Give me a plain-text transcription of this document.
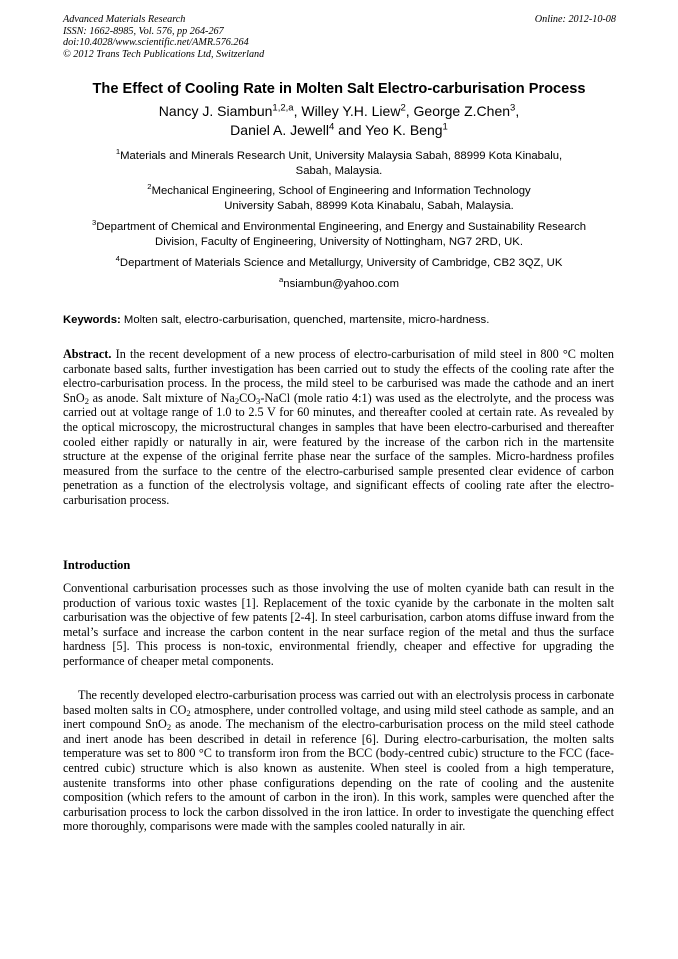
Advanced Materials Research
ISSN: 1662-8985, Vol. 576, pp 264-267
doi:10.4028/www.scientific.net/AMR.576.264
© 2012 Trans Tech Publications Ltd, Switzerland
Online: 2012-10-08
The Effect of Cooling Rate in Molten Salt Electro-carburisation Process
Nancy J. Siambun$^{1,2,a}$, Willey Y.H. Liew$^2$, George Z.Chen$^3$,
Daniel A. Jewell$^4$ and Yeo K. Beng$^1$
$^1$Materials and Minerals Research Unit, University Malaysia Sabah, 88999 Kota Kinabalu,
Sabah, Malaysia.
$^2$Mechanical Engineering, School of Engineering and Information Technology
University Sabah, 88999 Kota Kinabalu, Sabah, Malaysia.
$^3$Department of Chemical and Environmental Engineering, and Energy and Sustainability Research
Division, Faculty of Engineering, University of Nottingham, NG7 2RD, UK.
$^4$Department of Materials Science and Metallurgy, University of Cambridge, CB2 3QZ, UK
$^a$nsiambun@yahoo.com
Keywords: Molten salt, electro-carburisation, quenched, martensite, micro-hardness.
Abstract. In the recent development of a new process of electro-carburisation of mild steel in 800 °C molten carbonate based salts, further investigation has been carried out to study the effects of the cooling rate after the electro-carburisation process. In the process, the mild steel to be carburised was made the cathode and an inert SnO$_2$ as anode. Salt mixture of $Na_2CO_3$-NaCl (mole ratio 4:1) was used as the electrolyte, and the process was carried out at voltage range of 1.0 to 2.5 V for 60 minutes, and thereafter cooled at certain rate. As revealed by the optical microscopy, the microstructural changes in samples that have been electro-carburised and thereafter cooled either rapidly or naturally in air, were featured by the increase of the carbon rich in the martensite structure at the expense of the original ferrite phase near the surface of the samples. Micro-hardness profiles measured from the surface to the centre of the electro-carburised sample presented clear evidence of carbon penetration as a function of the electrolysis voltage, and significant effects of cooling rate after the electro-carburisation process.
Introduction
Conventional carburisation processes such as those involving the use of molten cyanide bath can result in the production of various toxic wastes [1]. Replacement of the toxic cyanide by the carbonate in the molten salt carburisation was the objective of few patents [2-4]. In steel carburisation, carbon atoms diffuse inward from the metal’s surface and increase the carbon content in the near surface region of the metal and thus the surface hardness [5]. This process is non-toxic, environmental friendly, cheaper and effective for upgrading the performance of cheaper metal components.
The recently developed electro-carburisation process was carried out with an electrolysis process in carbonate based molten salts in $CO_2$ atmosphere, under controlled voltage, and using mild steel cathode as sample, and an inert compound SnO$_2$ as anode. The mechanism of the electro-carburisation process on the mild steel cathode and inert anode has been described in detail in reference [6]. During electro-carburisation, the molten salts temperature was set to 800 °C to transform iron from the BCC (body-centred cubic) structure to the FCC (face-centred cubic) structure which is also known as austenite. When steel is cooled from a high temperature, austenite transforms into other phase configurations depending on the rate of cooling and the austenite composition (which refers to the amount of carbon in the iron). In this work, samples were quenched after the carburisation process to lock the carbon dissolved in the iron lattice. In order to investigate the quenching effect more thoroughly, comparisons were made with the samples cooled naturally in air.
